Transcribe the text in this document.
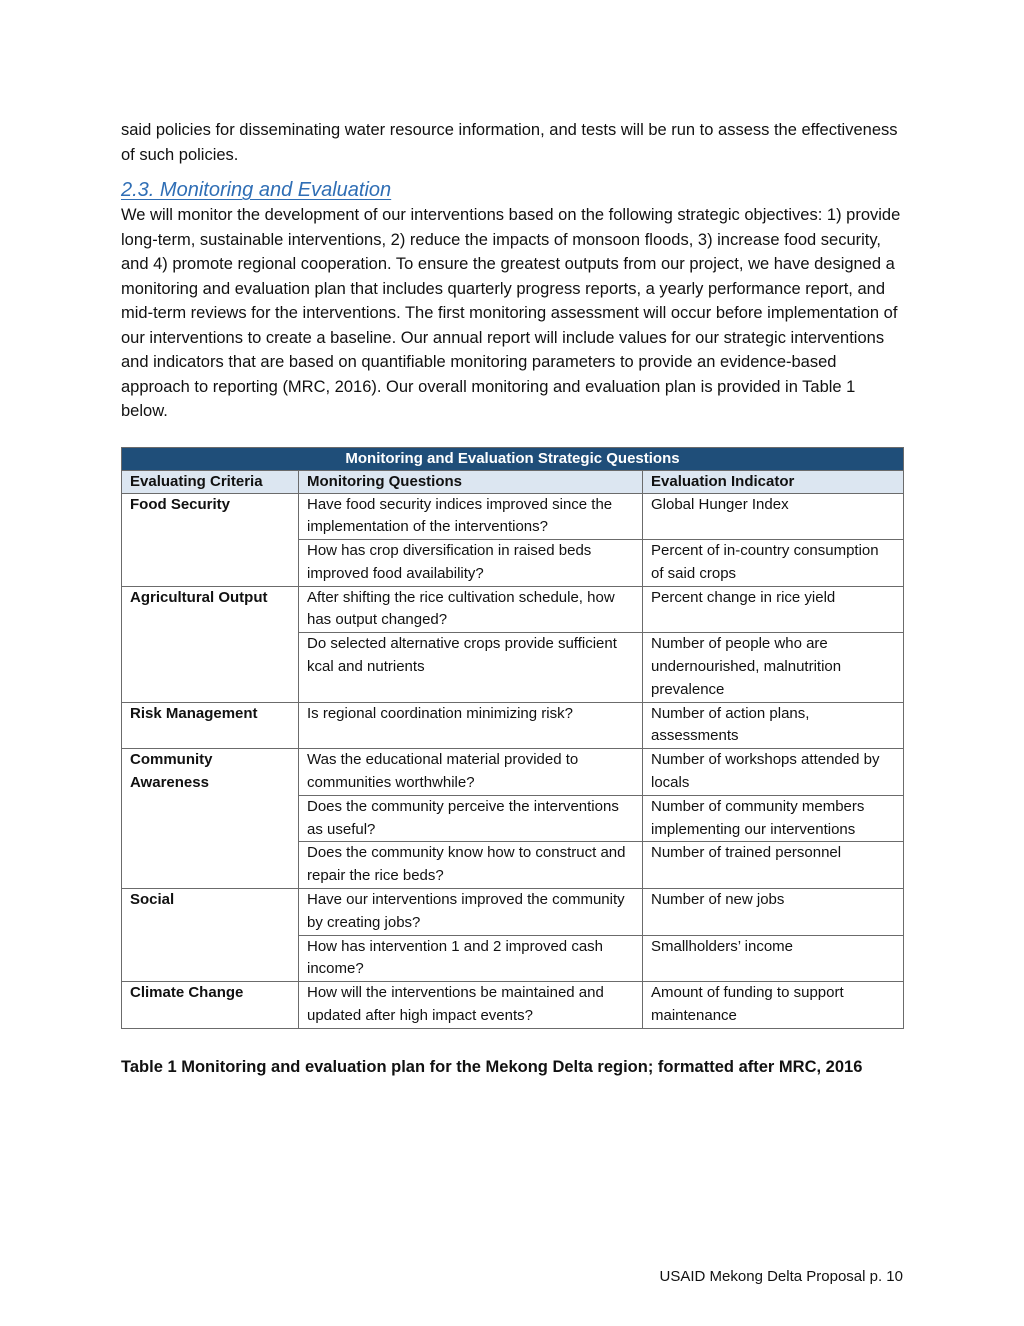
said policies for disseminating water resource information, and tests will be run to assess the effectiveness of such policies.

2.3. Monitoring and Evaluation

We will monitor the development of our interventions based on the following strategic objectives: 1) provide long-term, sustainable interventions, 2) reduce the impacts of monsoon floods, 3) increase food security, and 4) promote regional cooperation. To ensure the greatest outputs from our project, we have designed a monitoring and evaluation plan that includes quarterly progress reports, a yearly performance report, and mid-term reviews for the interventions. The first monitoring assessment will occur before implementation of our interventions to create a baseline. Our annual report will include values for our strategic interventions and indicators that are based on quantifiable monitoring parameters to provide an evidence-based approach to reporting (MRC, 2016). Our overall monitoring and evaluation plan is provided in Table 1 below.

Monitoring and Evaluation Strategic Questions		
Evaluating Criteria	Monitoring Questions	Evaluation Indicator
Food Security	Have food security indices improved since the implementation of the interventions?	Global Hunger Index
	How has crop diversification in raised beds improved food availability?	Percent of in-country consumption of said crops
Agricultural Output	After shifting the rice cultivation schedule, how has output changed?	Percent change in rice yield
	Do selected alternative crops provide sufficient kcal and nutrients	Number of people who are undernourished, malnutrition prevalence
Risk Management	Is regional coordination minimizing risk?	Number of action plans, assessments
Community Awareness	Was the educational material provided to communities worthwhile?	Number of workshops attended by locals
	Does the community perceive the interventions as useful?	Number of community members implementing our interventions
	Does the community know how to construct and repair the rice beds?	Number of trained personnel
Social	Have our interventions improved the community by creating jobs?	Number of new jobs
	How has intervention 1 and 2 improved cash income?	Smallholders’ income
Climate Change	How will the interventions be maintained and updated after high impact events?	Amount of funding to support maintenance
Table 1 Monitoring and evaluation plan for the Mekong Delta region; formatted after MRC, 2016
USAID Mekong Delta Proposal p. 10
